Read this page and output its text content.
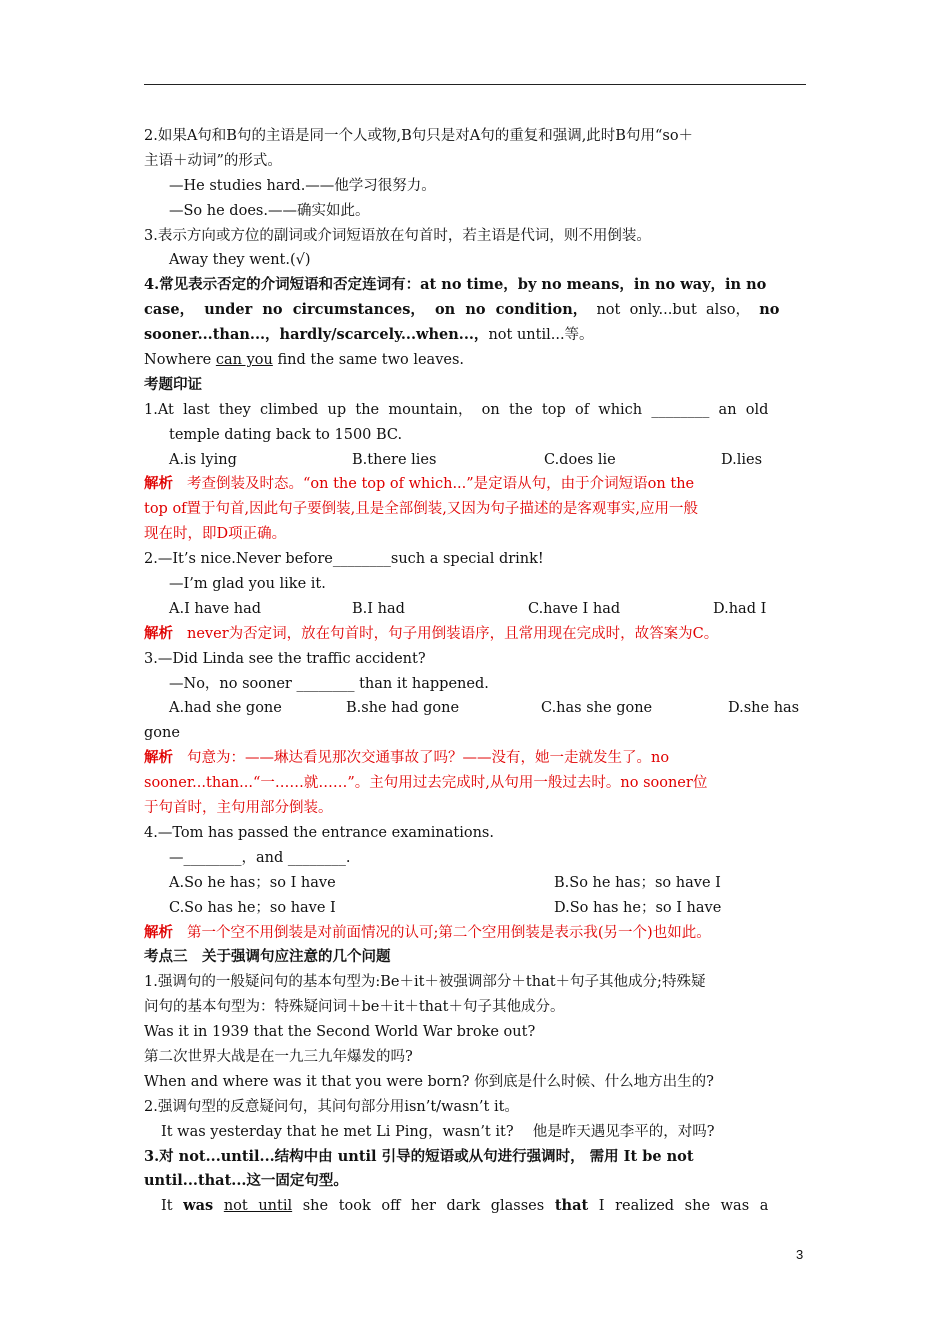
2.如果A句和B句的主语是同一个人或物,B句只是对A句的重复和强调,此时B句用“so＋
主语＋动词”的形式。
—He studies hard.——他学习很努力。
—So he does.——确实如此。
3.表示方向或方位的副词或介词短语放在句首时，若主语是代词，则不用倒装。
Away they went.(√)
4.常见表示否定的介词短语和否定连词有：at no time，by no means，in no way，in no
case，  under  no  circumstances，  on  no  condition，  not  only...but  also，  no
sooner...than...，hardly/scarcely...when...，not until...等。
Nowhere can you find the same two leaves.
考题印证
1.At  last  they  climbed  up  the  mountain，  on  the  top  of  which  ________  an  old
temple dating back to 1500 BC.

A.is lying

	B.there lies

	C.does lie

	D.lies

解析 考查倒装及时态。“on the top of which...”是定语从句，由于介词短语on the
top of置于句首,因此句子要倒装,且是全部倒装,又因为句子描述的是客观事实,应用一般
现在时，即D项正确。
2.—It’s nice.Never before________such a special drink!
—I’m glad you like it.

A.I have had

	B.I had

	C.have I had

	D.had I

解析 never为否定词，放在句首时，句子用倒装语序，且常用现在完成时，故答案为C。
3.—Did Linda see the traffic accident?
—No，no sooner ________ than it happened.

A.had she gone

	B.she had gone

	C.has she gone

	D.she has

gone
解析 句意为：——琳达看见那次交通事故了吗？——没有，她一走就发生了。no
sooner...than...“一……就……”。主句用过去完成时,从句用一般过去时。no sooner位
于句首时，主句用部分倒装。
4.—Tom has passed the entrance examinations.
—________，and ________.

A.So he has；so I have

	B.So he has；so have I

C.So has he；so have I

	D.So has he；so I have

解析 第一个空不用倒装是对前面情况的认可;第二个空用倒装是表示我(另一个)也如此。
考点三　关于强调句应注意的几个问题
1.强调句的一般疑问句的基本句型为:Be＋it＋被强调部分＋that＋句子其他成分;特殊疑
问句的基本句型为：特殊疑问词＋be＋it＋that＋句子其他成分。
Was it in 1939 that the Second World War broke out?
第二次世界大战是在一九三九年爆发的吗?
When and where was it that you were born? 你到底是什么时候、什么地方出生的?
2.强调句型的反意疑问句，其问句部分用isn’t/wasn’t it。
It was yesterday that he met Li Ping，wasn’t it?　 他是昨天遇见李平的，对吗?
3.对 not...until...结构中由 until 引导的短语或从句进行强调时， 需用 It be not
until...that...这一固定句型。
It was not until she took off her dark glasses that I realized she was a
3
